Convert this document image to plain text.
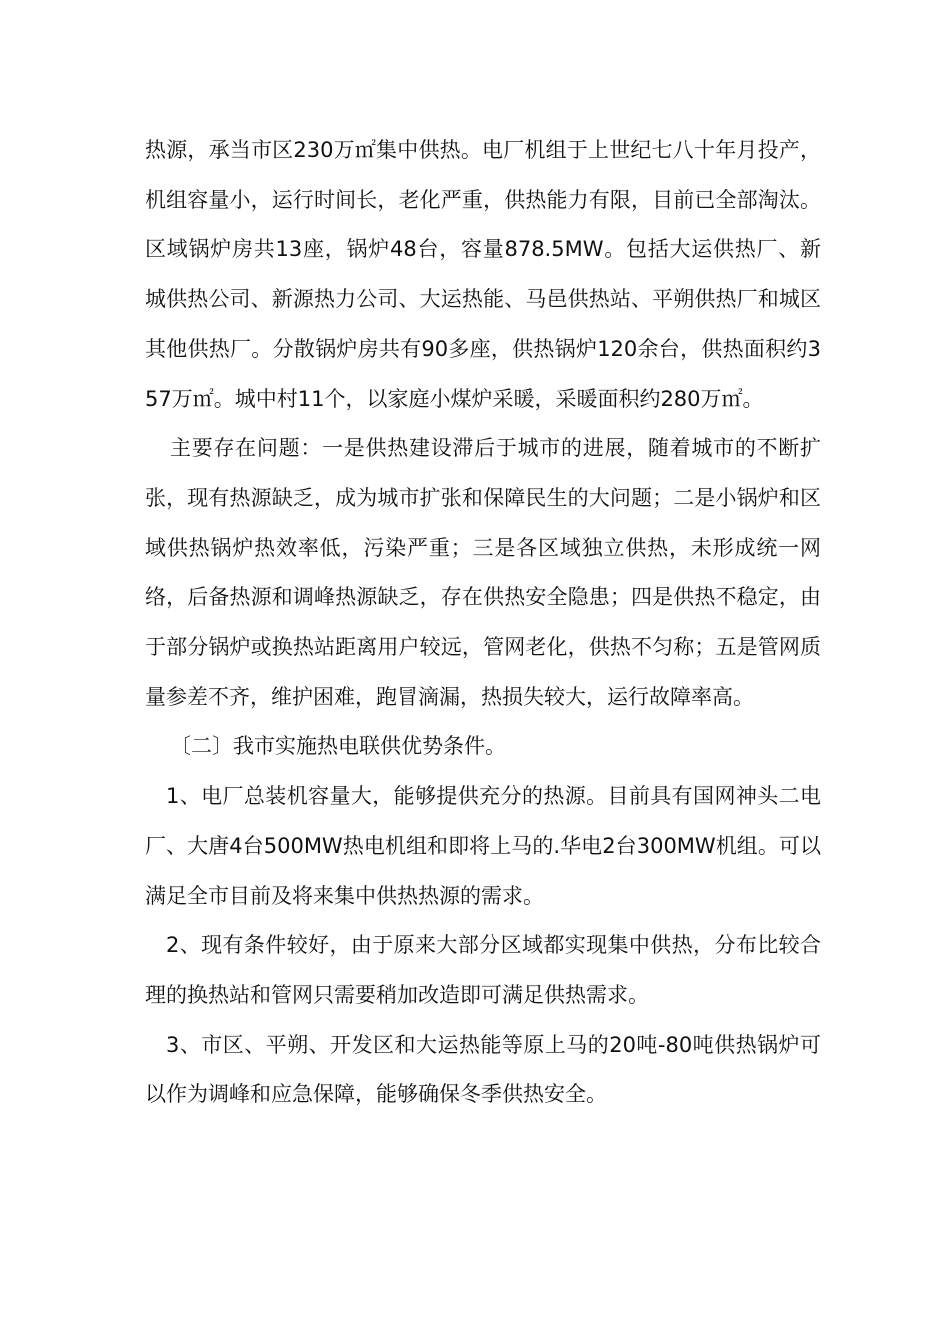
热源，承当市区230万㎡集中供热。电厂机组于上世纪七八十年月投产，机组容量小，运行时间长，老化严重，供热能力有限，目前已全部淘汰。区域锅炉房共13座，锅炉48台，容量878.5MW。包括大运供热厂、新城供热公司、新源热力公司、大运热能、马邑供热站、平朔供热厂和城区其他供热厂。分散锅炉房共有90多座，供热锅炉120余台，供热面积约357万㎡。城中村11个，以家庭小煤炉采暖，采暖面积约280万㎡。

主要存在问题：一是供热建设滞后于城市的进展，随着城市的不断扩张，现有热源缺乏，成为城市扩张和保障民生的大问题；二是小锅炉和区域供热锅炉热效率低，污染严重；三是各区域独立供热，未形成统一网络，后备热源和调峰热源缺乏，存在供热安全隐患；四是供热不稳定，由于部分锅炉或换热站距离用户较远，管网老化，供热不匀称；五是管网质量参差不齐，维护困难，跑冒滴漏，热损失较大，运行故障率高。

〔二〕我市实施热电联供优势条件。

1、电厂总装机容量大，能够提供充分的热源。目前具有国网神头二电厂、大唐4台500MW热电机组和即将上马的.华电2台300MW机组。可以满足全市目前及将来集中供热热源的需求。

2、现有条件较好，由于原来大部分区域都实现集中供热，分布比较合理的换热站和管网只需要稍加改造即可满足供热需求。

3、市区、平朔、开发区和大运热能等原上马的20吨-80吨供热锅炉可以作为调峰和应急保障，能够确保冬季供热安全。
